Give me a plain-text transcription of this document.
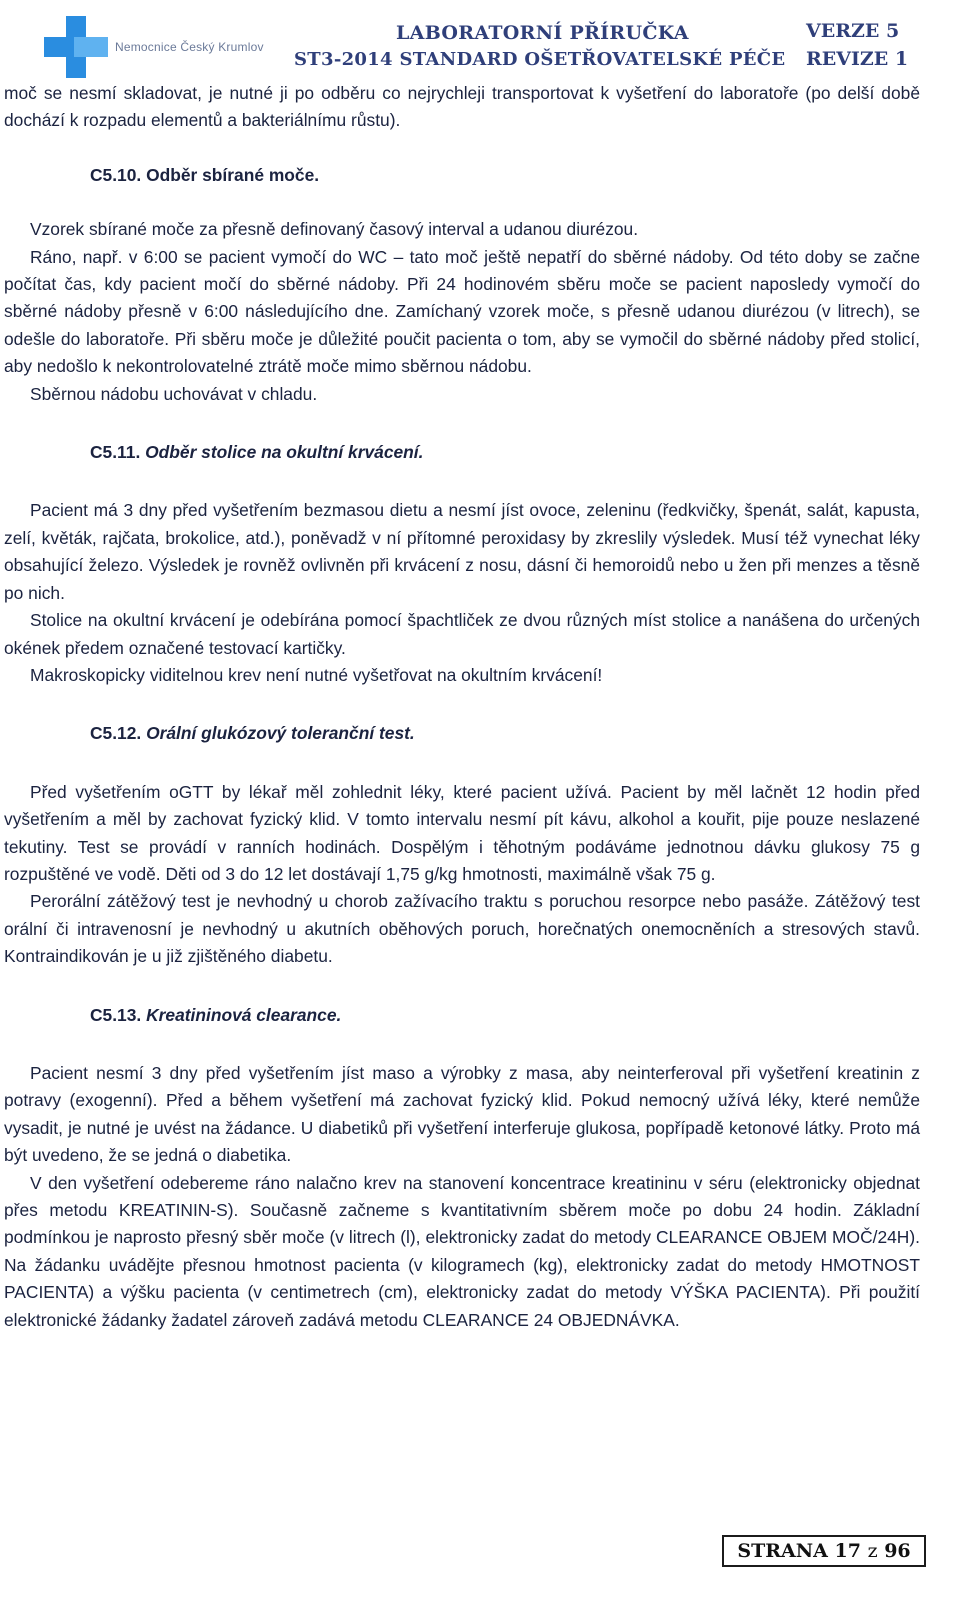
Nemocnice Český Krumlov
LABORATORNÍ PŘÍRUČKA
ST3-2014 STANDARD OŠETŘOVATELSKÉ PÉČE
VERZE 5
REVIZE 1

moč se nesmí skladovat, je nutné ji po odběru co nejrychleji transportovat k vyšetření do laboratoře (po delší době dochází k rozpadu elementů a bakteriálnímu růstu).

C5.10. Odběr sbírané moče.

Vzorek sbírané moče za přesně definovaný časový interval a udanou diurézou.

Ráno, např. v 6:00 se pacient vymočí do WC – tato moč ještě nepatří do sběrné nádoby. Od této doby se začne počítat čas, kdy pacient močí do sběrné nádoby. Při 24 hodinovém sběru moče se pacient naposledy vymočí do sběrné nádoby přesně v 6:00 následujícího dne. Zamíchaný vzorek moče, s přesně udanou diurézou (v litrech), se odešle do laboratoře. Při sběru moče je důležité poučit pacienta o tom, aby se vymočil do sběrné nádoby před stolicí, aby nedošlo k nekontrolovatelné ztrátě moče mimo sběrnou nádobu.

Sběrnou nádobu uchovávat v chladu.

C5.11. Odběr stolice na okultní krvácení.

Pacient má 3 dny před vyšetřením bezmasou dietu a nesmí jíst ovoce, zeleninu (ředkvičky, špenát, salát, kapusta, zelí, květák, rajčata, brokolice, atd.), poněvadž v ní přítomné peroxidasy by zkreslily výsledek. Musí též vynechat léky obsahující železo. Výsledek je rovněž ovlivněn při krvácení z nosu, dásní či hemoroidů nebo u žen při menzes a těsně po nich.

Stolice na okultní krvácení je odebírána pomocí špachtliček ze dvou různých míst stolice a nanášena do určených okének předem označené testovací kartičky.

Makroskopicky viditelnou krev není nutné vyšetřovat na okultním krvácení!

C5.12. Orální glukózový toleranční test.

Před vyšetřením oGTT by lékař měl zohlednit léky, které pacient užívá. Pacient by měl lačnět 12 hodin před vyšetřením a měl by zachovat fyzický klid. V tomto intervalu nesmí pít kávu, alkohol a kouřit, pije pouze neslazené tekutiny. Test se provádí v ranních hodinách. Dospělým i těhotným podáváme jednotnou dávku glukosy 75 g rozpuštěné ve vodě. Děti od 3 do 12 let dostávají 1,75 g/kg hmotnosti, maximálně však 75 g.

Perorální zátěžový test je nevhodný u chorob zažívacího traktu s poruchou resorpce nebo pasáže. Zátěžový test orální či intravenosní je nevhodný u akutních oběhových poruch, horečnatých onemocněních a stresových stavů. Kontraindikován je u již zjištěného diabetu.

C5.13. Kreatininová clearance.

Pacient nesmí 3 dny před vyšetřením jíst maso a výrobky z masa, aby neinterferoval při vyšetření kreatinin z potravy (exogenní). Před a během vyšetření má zachovat fyzický klid. Pokud nemocný užívá léky, které nemůže vysadit, je nutné je uvést na žádance. U diabetiků při vyšetření interferuje glukosa, popřípadě ketonové látky. Proto má být uvedeno, že se jedná o diabetika.

V den vyšetření odebereme ráno nalačno krev na stanovení koncentrace kreatininu v séru (elektronicky objednat přes metodu KREATININ-S). Současně začneme s kvantitativním sběrem moče po dobu 24 hodin. Základní podmínkou je naprosto přesný sběr moče (v litrech (l), elektronicky zadat do metody CLEARANCE OBJEM MOČ/24H). Na žádanku uvádějte přesnou hmotnost pacienta (v kilogramech (kg), elektronicky zadat do metody HMOTNOST PACIENTA) a výšku pacienta (v centimetrech (cm), elektronicky zadat do metody VÝŠKA PACIENTA). Při použití elektronické žádanky žadatel zároveň zadává metodu CLEARANCE 24 OBJEDNÁVKA.

STRANA 17 z 96
